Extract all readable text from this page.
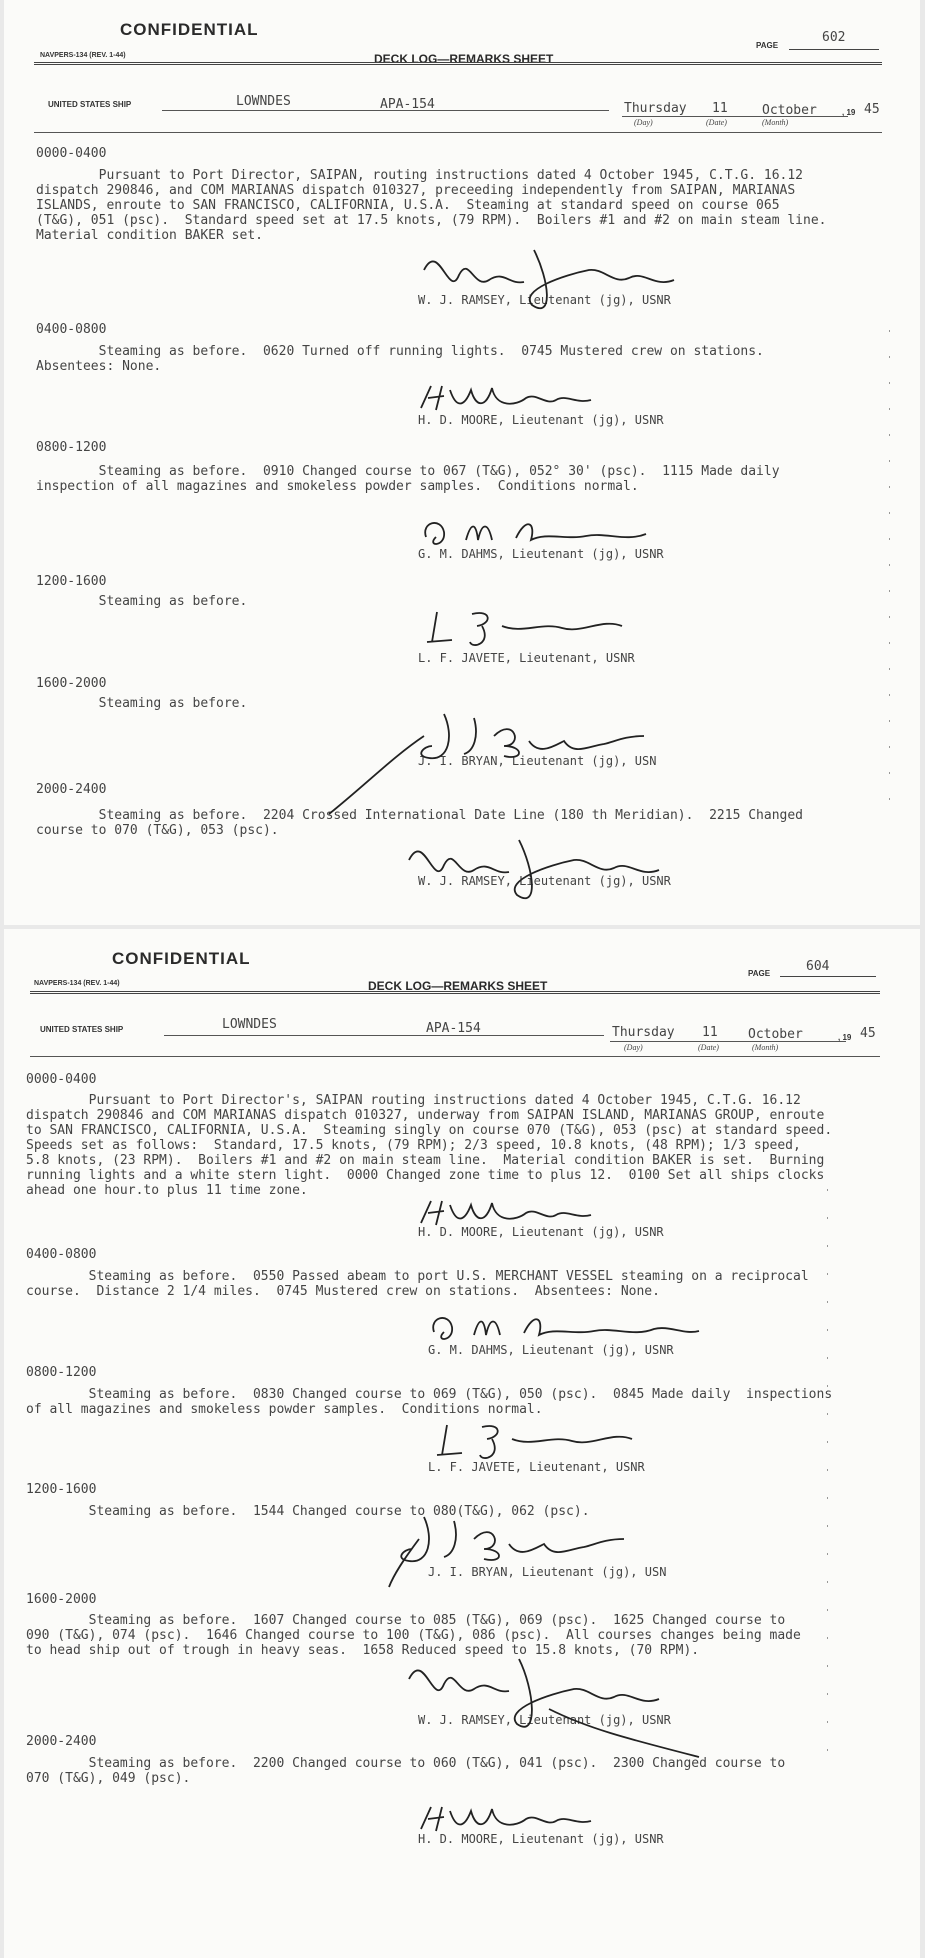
CONFIDENTIAL
NAVPERS-134 (REV. 1-44)	DECK LOG—REMARKS SHEET
PAGE
602
UNITED STATES SHIP	LOWNDES	APA-154	Thursday 11	October	, 19 45
(Day)	(Date)	(Month)
0000-0400
Pursuant to Port Director, SAIPAN, routing instructions dated 4 October 1945, C.T.G. 16.12
dispatch 290846, and COM MARIANAS dispatch 010327, preceeding independently from SAIPAN, MARIANAS
ISLANDS, enroute to SAN FRANCISCO, CALIFORNIA, U.S.A.  Steaming at standard speed on course 065
(T&G), 051 (psc).  Standard speed set at 17.5 knots, (79 RPM).  Boilers #1 and #2 on main steam line.
Material condition BAKER set.
W. J. RAMSEY, Lieutenant (jg), USNR
0400-0800
Steaming as before.  0620 Turned off running lights.  0745 Mustered crew on stations.
Absentees: None.
H. D. MOORE, Lieutenant (jg), USNR
0800-1200
Steaming as before.  0910 Changed course to 067 (T&G), 052° 30' (psc).  1115 Made daily
inspection of all magazines and smokeless powder samples.  Conditions normal.
G. M. DAHMS, Lieutenant (jg), USNR
1200-1600
Steaming as before.
L. F. JAVETE, Lieutenant, USNR
1600-2000
Steaming as before.
J. I. BRYAN, Lieutenant (jg), USN
2000-2400
Steaming as before.  2204 Crossed International Date Line (180 th Meridian).  2215 Changed
course to 070 (T&G), 053 (psc).
W. J. RAMSEY, Lieutenant (jg), USNR
CONFIDENTIAL
NAVPERS-134 (REV. 1-44)	DECK LOG—REMARKS SHEET
PAGE	604
UNITED STATES SHIP	LOWNDES	APA-154	Thursday 11 October	, 19 45
(Day)	(Date)	(Month)
0000-0400
Pursuant to Port Director's, SAIPAN routing instructions dated 4 October 1945, C.T.G. 16.12
dispatch 290846 and COM MARIANAS dispatch 010327, underway from SAIPAN ISLAND, MARIANAS GROUP, enroute
to SAN FRANCISCO, CALIFORNIA, U.S.A.  Steaming singly on course 070 (T&G), 053 (psc) at standard speed.
Speeds set as follows:  Standard, 17.5 knots, (79 RPM); 2/3 speed, 10.8 knots, (48 RPM); 1/3 speed,
5.8 knots, (23 RPM).  Boilers #1 and #2 on main steam line.  Material condition BAKER is set.  Burning
running lights and a white stern light.  0000 Changed zone time to plus 12.  0100 Set all ships clocks
ahead one hour.to plus 11 time zone.
H. D. MOORE, Lieutenant (jg), USNR
0400-0800
Steaming as before.  0550 Passed abeam to port U.S. MERCHANT VESSEL steaming on a reciprocal
course.  Distance 2 1/4 miles.  0745 Mustered crew on stations.  Absentees: None.
G. M. DAHMS, Lieutenant (jg), USNR
0800-1200
Steaming as before.  0830 Changed course to 069 (T&G), 050 (psc).  0845 Made daily  inspections
of all magazines and smokeless powder samples.  Conditions normal.
L. F. JAVETE, Lieutenant, USNR
1200-1600
Steaming as before.  1544 Changed course to 080(T&G), 062 (psc).
J. I. BRYAN, Lieutenant (jg), USN
1600-2000
Steaming as before.  1607 Changed course to 085 (T&G), 069 (psc).  1625 Changed course to
090 (T&G), 074 (psc).  1646 Changed course to 100 (T&G), 086 (psc).  All courses changes being made
to head ship out of trough in heavy seas.  1658 Reduced speed to 15.8 knots, (70 RPM).
W. J. RAMSEY, Lieutenant (jg), USNR
2000-2400
Steaming as before.  2200 Changed course to 060 (T&G), 041 (psc).  2300 Changed course to
070 (T&G), 049 (psc).
H. D. MOORE, Lieutenant (jg), USNR
